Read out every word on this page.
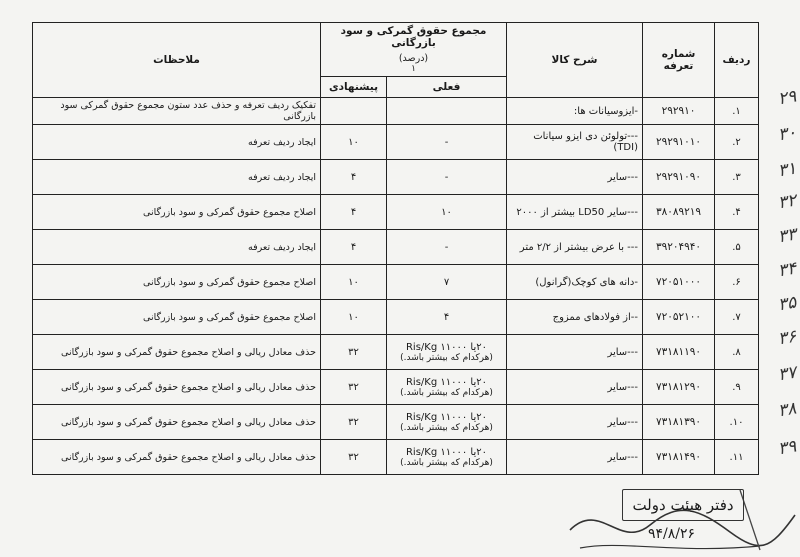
ردیف	شماره تعرفه	شرح کالا	مجموع حقوق گمرکی و سود بازرگانی
(درصد)
۱		ملاحظات
			فعلی	پیشنهادی	
۱.	۲۹۲۹۱۰	-ایزوسیانات ها:			تفکیک ردیف تعرفه و حذف عدد ستون مجموع حقوق گمرکی سود بازرگانی
۲.	۲۹۲۹۱۰۱۰	---تولوئن دی ایزو سیانات (TDI)	-	۱۰	ایجاد ردیف تعرفه
۳.	۲۹۲۹۱۰۹۰	---سایر	-	۴	ایجاد ردیف تعرفه
۴.	۳۸۰۸۹۲۱۹	---سایر LD50 بیشتر از ۲۰۰۰	۱۰	۴	اصلاح مجموع حقوق گمرکی و سود بازرگانی
۵.	۳۹۲۰۴۹۴۰	--- با عرض بیشتر از ۲/۲ متر	-	۴	ایجاد ردیف تعرفه
۶.	۷۲۰۵۱۰۰۰	-دانه های کوچک(گرانول)	۷	۱۰	اصلاح مجموع حقوق گمرکی و سود بازرگانی
۷.	۷۲۰۵۲۱۰۰	--از فولادهای ممزوج	۴	۱۰	اصلاح مجموع حقوق گمرکی و سود بازرگانی
۸.	۷۳۱۸۱۱۹۰	---سایر	۲۰یا ۱۱۰۰۰ Ris/Kg
(هرکدام که بیشتر باشد.)	۳۲	حذف معادل ریالی و اصلاح مجموع حقوق گمرکی و سود بازرگانی
۹.	۷۳۱۸۱۲۹۰	---سایر	۲۰یا ۱۱۰۰۰ Ris/Kg
(هرکدام که بیشتر باشد.)	۳۲	حذف معادل ریالی و اصلاح مجموع حقوق گمرکی و سود بازرگانی
۱۰.	۷۳۱۸۱۳۹۰	---سایر	۲۰یا ۱۱۰۰۰ Ris/Kg
(هرکدام که بیشتر باشد.)	۳۲	حذف معادل ریالی و اصلاح مجموع حقوق گمرکی و سود بازرگانی
۱۱.	۷۳۱۸۱۴۹۰	---سایر	۲۰یا ۱۱۰۰۰ Ris/Kg
(هرکدام که بیشتر باشد.)	۳۲	حذف معادل ریالی و اصلاح مجموع حقوق گمرکی و سود بازرگانی
۲۹
۳۰
۳۱
۳۲
۳۳
۳۴
۳۵
۳۶
۳۷
۳۸
۳۹
دفتر هیئت دولت
۹۴/۸/۲۶
